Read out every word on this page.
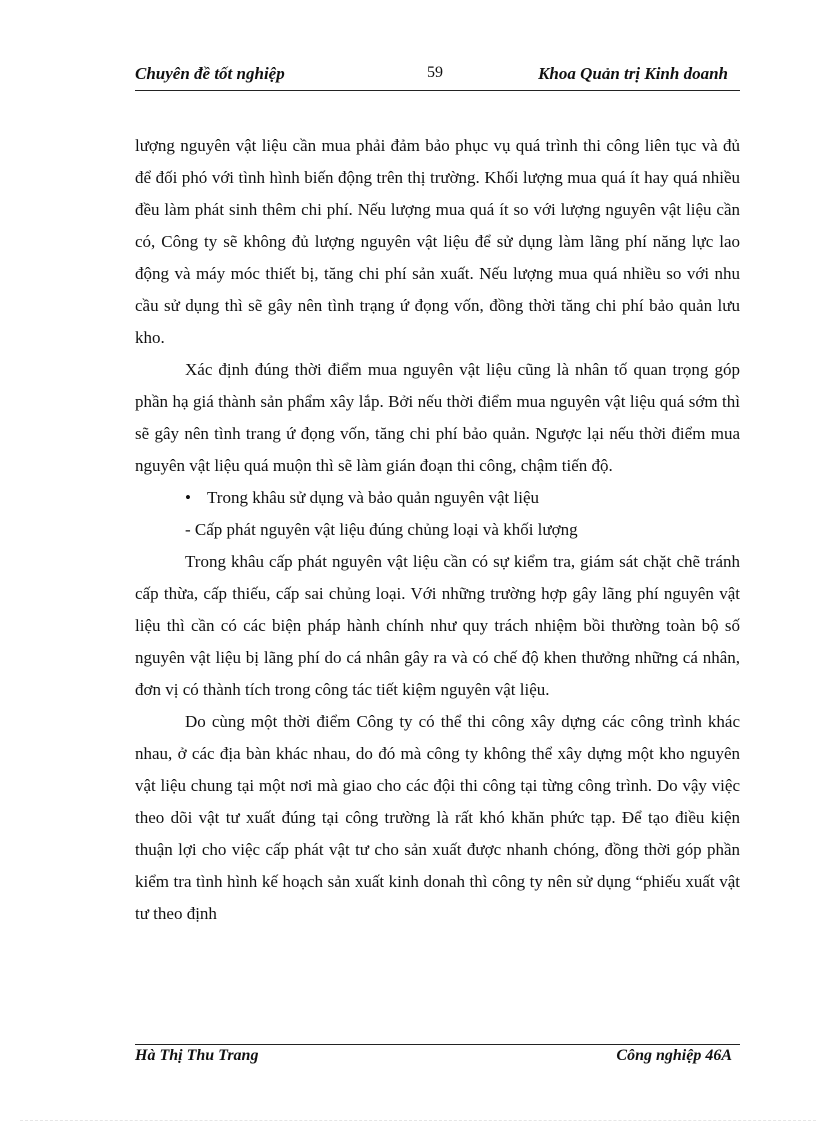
Chuyên đề tốt nghiệp	59	Khoa Quản trị Kinh doanh

lượng nguyên vật liệu cần mua phải đảm bảo phục vụ quá trình thi công liên tục và đủ để đối phó với tình hình biến động trên thị trường. Khối lượng mua quá ít hay quá nhiều đều làm phát sinh thêm chi phí. Nếu lượng mua quá ít so với lượng nguyên vật liệu cần có, Công ty sẽ không đủ lượng nguyên vật liệu để sử dụng làm lãng phí năng lực lao động và máy móc thiết bị, tăng chi phí sản xuất. Nếu lượng mua quá nhiều so với nhu cầu sử dụng thì sẽ gây nên tình trạng ứ đọng vốn, đồng thời tăng chi phí bảo quản lưu kho.

Xác định đúng thời điểm mua nguyên vật liệu cũng là nhân tố quan trọng góp phần hạ giá thành sản phẩm xây lắp. Bởi nếu thời điểm mua nguyên vật liệu quá sớm thì sẽ gây nên tình trang ứ đọng vốn, tăng chi phí bảo quản. Ngược lại nếu thời điểm mua nguyên vật liệu quá muộn thì sẽ làm gián đoạn thi công, chậm tiến độ.

• Trong khâu sử dụng và bảo quản nguyên vật liệu

- Cấp phát nguyên vật liệu đúng chủng loại và khối lượng

Trong khâu cấp phát nguyên vật liệu cần có sự kiểm tra, giám sát chặt chẽ tránh cấp thừa, cấp thiếu, cấp sai chủng loại. Với những trường hợp gây lãng phí nguyên vật liệu thì cần có các biện pháp hành chính như quy trách nhiệm bồi thường toàn bộ số nguyên vật liệu bị lãng phí do cá nhân gây ra và có chế độ khen thưởng những cá nhân, đơn vị có thành tích trong công tác tiết kiệm nguyên vật liệu.

Do cùng một thời điểm Công ty có thể thi công xây dựng các công trình khác nhau, ở các địa bàn khác nhau, do đó mà công ty không thể xây dựng một kho nguyên vật liệu chung tại một nơi mà giao cho các đội thi công tại từng công trình. Do vậy việc theo dõi vật tư xuất đúng tại công trường là rất khó khăn phức tạp. Để tạo điều kiện thuận lợi cho việc cấp phát vật tư cho sản xuất được nhanh chóng, đồng thời góp phần kiểm tra tình hình kế hoạch sản xuất kinh donah thì công ty nên sử dụng “phiếu xuất vật tư theo định

Hà Thị Thu Trang	Công nghiệp 46A
